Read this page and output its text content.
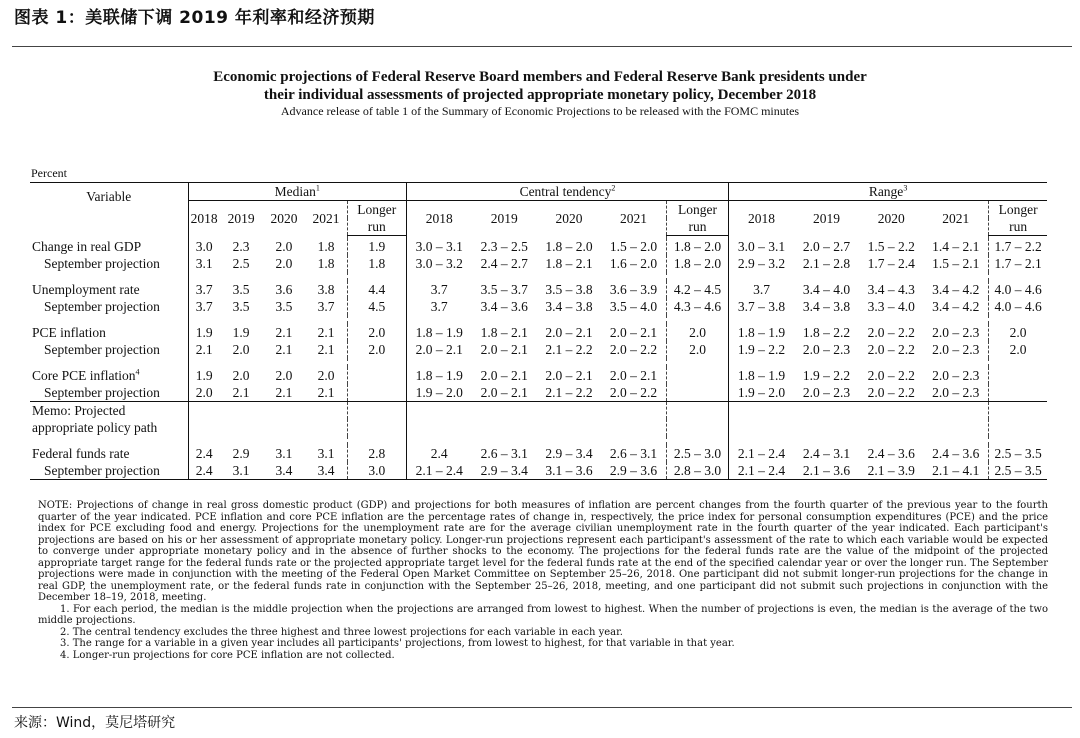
图表 1：美联储下调 2019 年利率和经济预期
Economic projections of Federal Reserve Board members and Federal Reserve Bank presidents under
their individual assessments of projected appropriate monetary policy, December 2018
Advance release of table 1 of the Summary of Economic Projections to be released with the FOMC minutes
Percent
Variable	Median$^1$					Central tendency$^2$					Range$^3$
	2018	2019	2020	2021	Longer	2018	2019	2020	2021	Longer	2018	2019	2020	2021	Longer
					run					run					run

Change in real GDP	3.0	2.3	2.0	1.8	1.9	3.0 – 3.1	2.3 – 2.5	1.8 – 2.0	1.5 – 2.0	1.8 – 2.0	3.0 – 3.1	2.0 – 2.7	1.5 – 2.2	1.4 – 2.1	1.7 – 2.2
September projection	3.1	2.5	2.0	1.8	1.8	3.0 – 3.2	2.4 – 2.7	1.8 – 2.1	1.6 – 2.0	1.8 – 2.0	2.9 – 3.2	2.1 – 2.8	1.7 – 2.4	1.5 – 2.1	1.7 – 2.1

Unemployment rate	3.7	3.5	3.6	3.8	4.4	3.7	3.5 – 3.7	3.5 – 3.8	3.6 – 3.9	4.2 – 4.5	3.7	3.4 – 4.0	3.4 – 4.3	3.4 – 4.2	4.0 – 4.6
September projection	3.7	3.5	3.5	3.7	4.5	3.7	3.4 – 3.6	3.4 – 3.8	3.5 – 4.0	4.3 – 4.6	3.7 – 3.8	3.4 – 3.8	3.3 – 4.0	3.4 – 4.2	4.0 – 4.6

PCE inflation	1.9	1.9	2.1	2.1	2.0	1.8 – 1.9	1.8 – 2.1	2.0 – 2.1	2.0 – 2.1	2.0	1.8 – 1.9	1.8 – 2.2	2.0 – 2.2	2.0 – 2.3	2.0
September projection	2.1	2.0	2.1	2.1	2.0	2.0 – 2.1	2.0 – 2.1	2.1 – 2.2	2.0 – 2.2	2.0	1.9 – 2.2	2.0 – 2.3	2.0 – 2.2	2.0 – 2.3	2.0

Core PCE inflation$^4$	1.9	2.0	2.0	2.0		1.8 – 1.9	2.0 – 2.1	2.0 – 2.1	2.0 – 2.1		1.8 – 1.9	1.9 – 2.2	2.0 – 2.2	2.0 – 2.3	
September projection	2.0	2.1	2.1	2.1		1.9 – 2.0	2.0 – 2.1	2.1 – 2.2	2.0 – 2.2		1.9 – 2.0	2.0 – 2.3	2.0 – 2.2	2.0 – 2.3	
Memo: Projected															
appropriate policy path															

Federal funds rate	2.4	2.9	3.1	3.1	2.8	2.4	2.6 – 3.1	2.9 – 3.4	2.6 – 3.1	2.5 – 3.0	2.1 – 2.4	2.4 – 3.1	2.4 – 3.6	2.4 – 3.6	2.5 – 3.5
September projection	2.4	3.1	3.4	3.4	3.0	2.1 – 2.4	2.9 – 3.4	3.1 – 3.6	2.9 – 3.6	2.8 – 3.0	2.1 – 2.4	2.1 – 3.6	2.1 – 3.9	2.1 – 4.1	2.5 – 3.5

NOTE: Projections of change in real gross domestic product (GDP) and projections for both measures of inflation are percent changes from the fourth quarter of the previous year to the fourth quarter of the year indicated. PCE inflation and core PCE inflation are the percentage rates of change in, respectively, the price index for personal consumption expenditures (PCE) and the price index for PCE excluding food and energy. Projections for the unemployment rate are for the average civilian unemployment rate in the fourth quarter of the year indicated. Each participant's projections are based on his or her assessment of appropriate monetary policy. Longer-run projections represent each participant's assessment of the rate to which each variable would be expected to converge under appropriate monetary policy and in the absence of further shocks to the economy. The projections for the federal funds rate are the value of the midpoint of the projected appropriate target range for the federal funds rate or the projected appropriate target level for the federal funds rate at the end of the specified calendar year or over the longer run. The September projections were made in conjunction with the meeting of the Federal Open Market Committee on September 25–26, 2018. One participant did not submit longer-run projections for the change in real GDP, the unemployment rate, or the federal funds rate in conjunction with the September 25–26, 2018, meeting, and one participant did not submit such projections in conjunction with the December 18–19, 2018, meeting.

1. For each period, the median is the middle projection when the projections are arranged from lowest to highest. When the number of projections is even, the median is the average of the two middle projections.

2. The central tendency excludes the three highest and three lowest projections for each variable in each year.

3. The range for a variable in a given year includes all participants' projections, from lowest to highest, for that variable in that year.

4. Longer-run projections for core PCE inflation are not collected.

来源：Wind，莫尼塔研究
